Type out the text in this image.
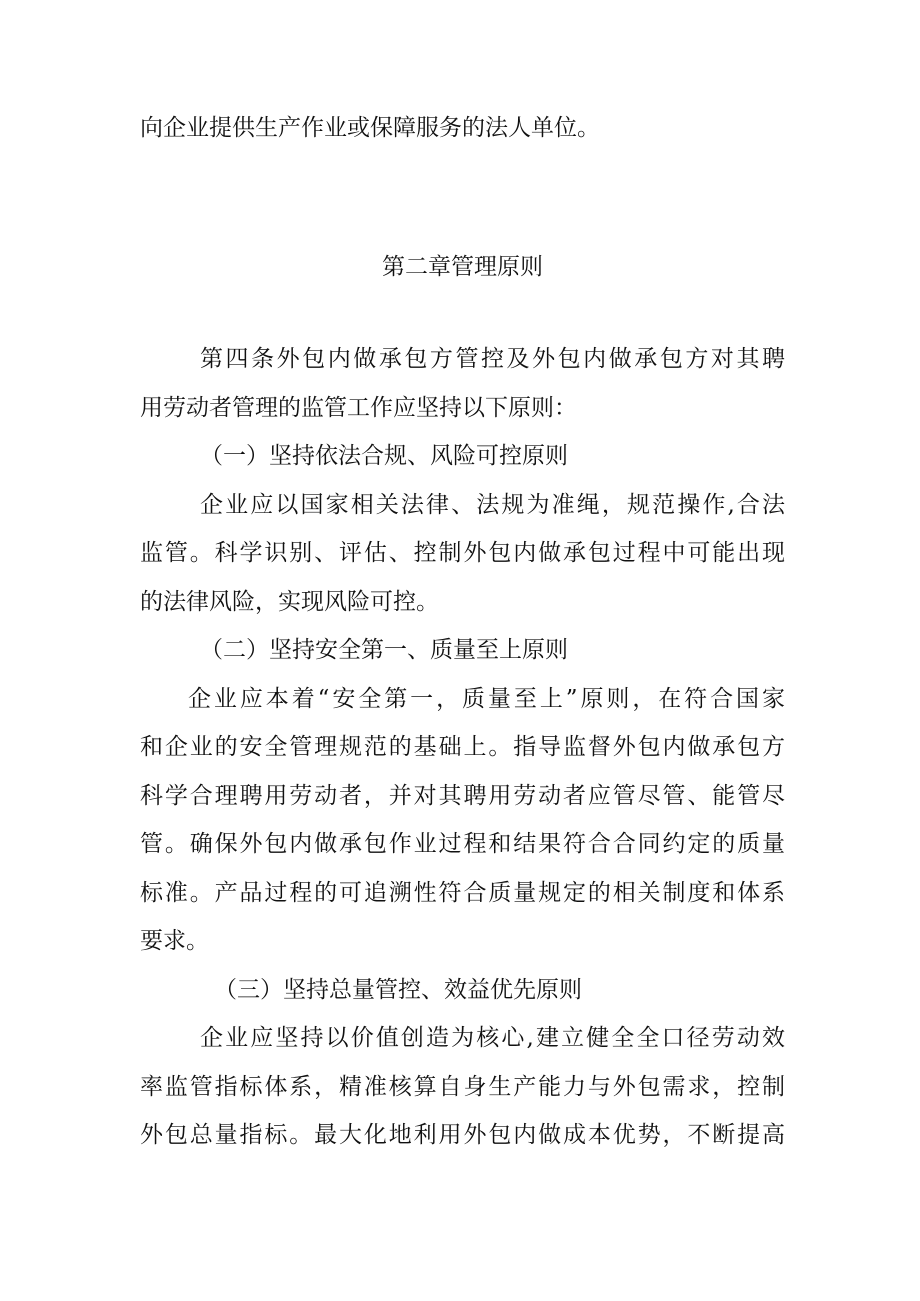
向企业提供生产作业或保障服务的法人单位。
第二章管理原则
第四条外包内做承包方管控及外包内做承包方对其聘
用劳动者管理的监管工作应坚持以下原则：
（一）坚持依法合规、风险可控原则
企业应以国家相关法律、法规为准绳，规范操作,合法
监管。科学识别、评估、控制外包内做承包过程中可能出现
的法律风险，实现风险可控。
（二）坚持安全第一、质量至上原则
企业应本着“安全第一，质量至上”原则，在符合国家
和企业的安全管理规范的基础上。指导监督外包内做承包方
科学合理聘用劳动者，并对其聘用劳动者应管尽管、能管尽
管。确保外包内做承包作业过程和结果符合合同约定的质量
标准。产品过程的可追溯性符合质量规定的相关制度和体系
要求。
（三）坚持总量管控、效益优先原则
企业应坚持以价值创造为核心,建立健全全口径劳动效
率监管指标体系，精准核算自身生产能力与外包需求，控制
外包总量指标。最大化地利用外包内做成本优势，不断提高
